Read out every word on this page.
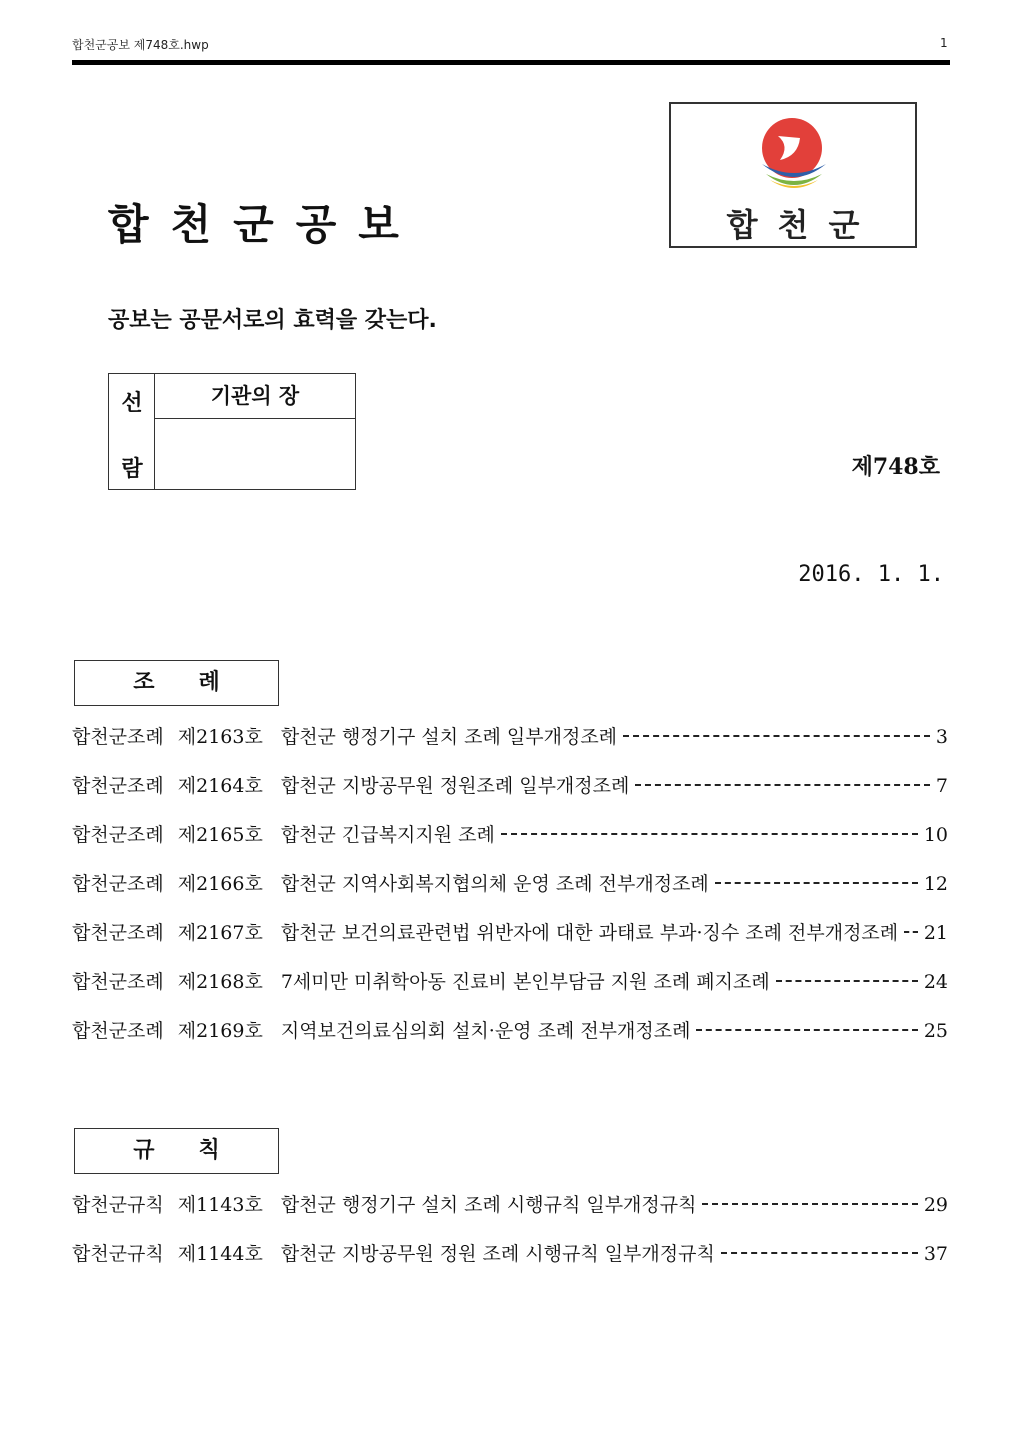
합천군공보 제748호.hwp	1
합천군공보	합천군
공보는 공문서로의 효력을 갖는다.
선
람
기관의 장
제748호
2016. 1. 1.
조례
합천군조례 제2163호 합천군 행정기구 설치 조례 일부개정조례	3
합천군조례 제2164호 합천군 지방공무원 정원조례 일부개정조례	7
합천군조례 제2165호 합천군 긴급복지지원 조례	10
합천군조례 제2166호 합천군 지역사회복지협의체 운영 조례 전부개정조례	12
합천군조례 제2167호 합천군 보건의료관련법 위반자에 대한 과태료 부과·징수 조례 전부개정조례 21
합천군조례 제2168호 7세미만 미취학아동 진료비 본인부담금 지원 조례 폐지조례	24
합천군조례 제2169호 지역보건의료심의회 설치·운영 조례 전부개정조례	25
규칙
합천군규칙 제1143호 합천군 행정기구 설치 조례 시행규칙 일부개정규칙	29
합천군규칙 제1144호 합천군 지방공무원 정원 조례 시행규칙 일부개정규칙	37
